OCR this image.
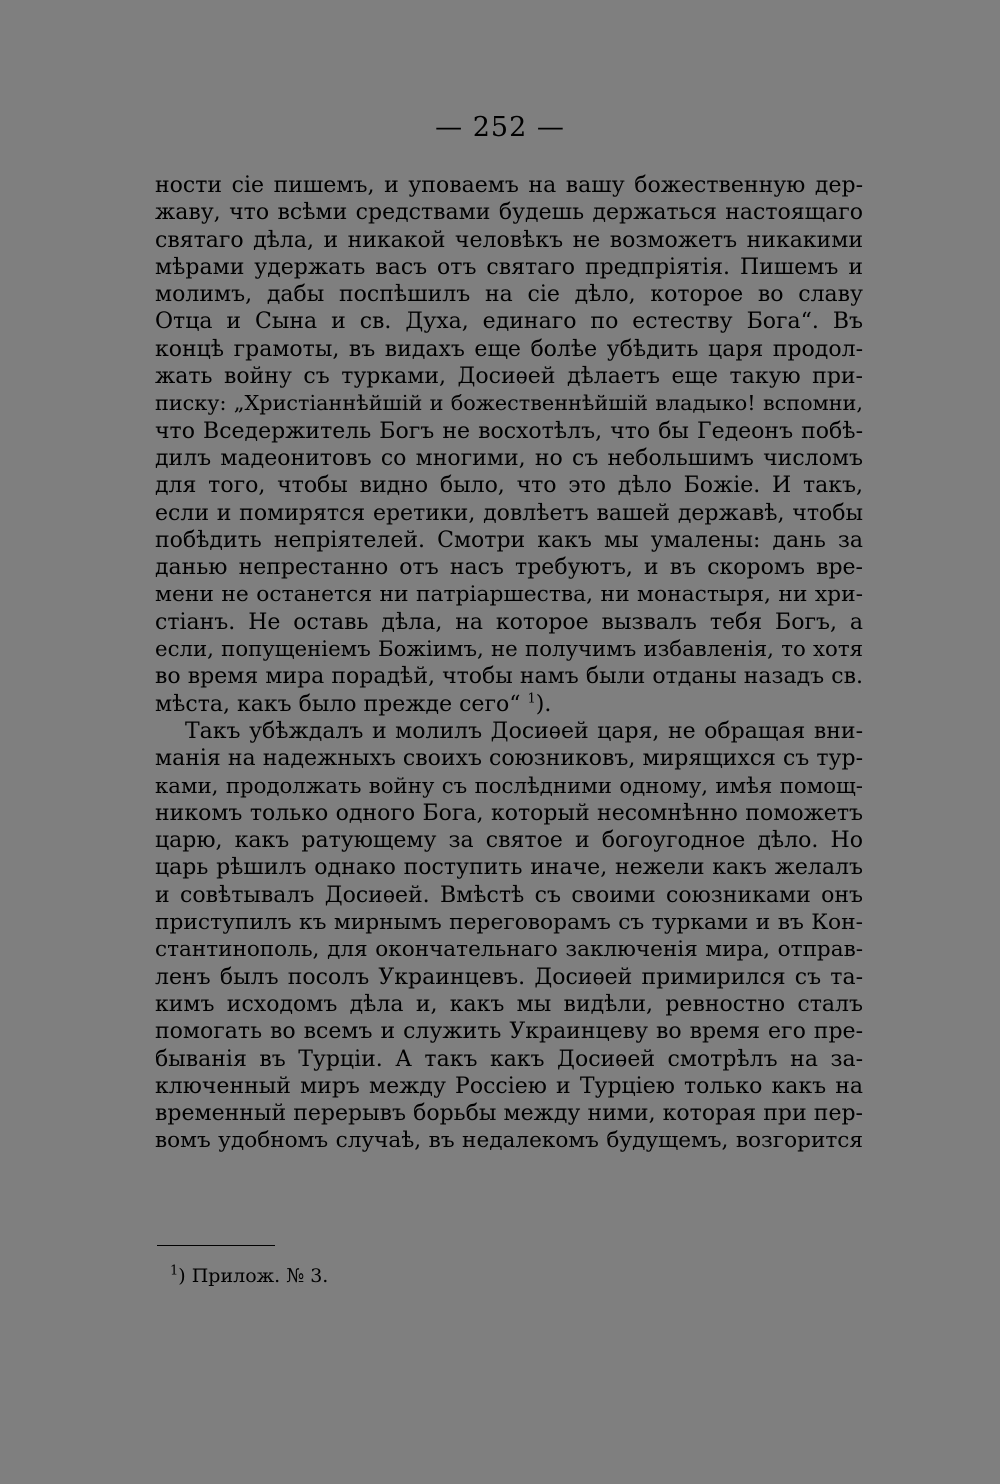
— 252 —
ности сіе пишемъ, и уповаемъ на вашу божественную дер-
жаву, что всѣми средствами будешь держаться настоящаго
святаго дѣла, и никакой человѣкъ не возможетъ никакими
мѣрами удержать васъ отъ святаго предпріятія. Пишемъ и
молимъ, дабы поспѣшилъ на сіе дѣло, которое во славу
Отца и Сына и св. Духа, единаго по естеству Бога“. Въ
концѣ грамоты, въ видахъ еще болѣе убѣдить царя продол-
жать войну съ турками, Досиѳей дѣлаетъ еще такую при-
писку: „Христіаннѣйшій и божественнѣйшій владыко! вспомни,
что Вседержитель Богъ не восхотѣлъ, что бы Гедеонъ побѣ-
дилъ мадеонитовъ со многими, но съ небольшимъ числомъ
для того, чтобы видно было, что это дѣло Божіе. И такъ,
если и помирятся еретики, довлѣетъ вашей державѣ, чтобы
побѣдить непріятелей. Смотри какъ мы умалены: дань за
данью непрестанно отъ насъ требуютъ, и въ скоромъ вре-
мени не останется ни патріаршества, ни монастыря, ни хри-
стіанъ. Не оставь дѣла, на которое вызвалъ тебя Богъ, а
если, попущеніемъ Божіимъ, не получимъ избавленія, то хотя
во время мира порадѣй, чтобы намъ были отданы назадъ св.
мѣста, какъ было прежде сего“ $^1$).
Такъ убѣждалъ и молилъ Досиѳей царя, не обращая вни-
манія на надежныхъ своихъ союзниковъ, мирящихся съ тур-
ками, продолжать войну съ послѣдними одному, имѣя помощ-
никомъ только одного Бога, который несомнѣнно поможетъ
царю, какъ ратующему за святое и богоугодное дѣло. Но
царь рѣшилъ однако поступить иначе, нежели какъ желалъ
и совѣтывалъ Досиѳей. Вмѣстѣ съ своими союзниками онъ
приступилъ къ мирнымъ переговорамъ съ турками и въ Кон-
стантинополь, для окончательнаго заключенія мира, отправ-
ленъ былъ посолъ Украинцевъ. Досиѳей примирился съ та-
кимъ исходомъ дѣла и, какъ мы видѣли, ревностно сталъ
помогать во всемъ и служить Украинцеву во время его пре-
быванія въ Турціи. А такъ какъ Досиѳей смотрѣлъ на за-
ключенный миръ между Россіею и Турціею только какъ на
временный перерывъ борьбы между ними, которая при пер-
вомъ удобномъ случаѣ, въ недалекомъ будущемъ, возгорится
$^1$) Прилож. № 3.
